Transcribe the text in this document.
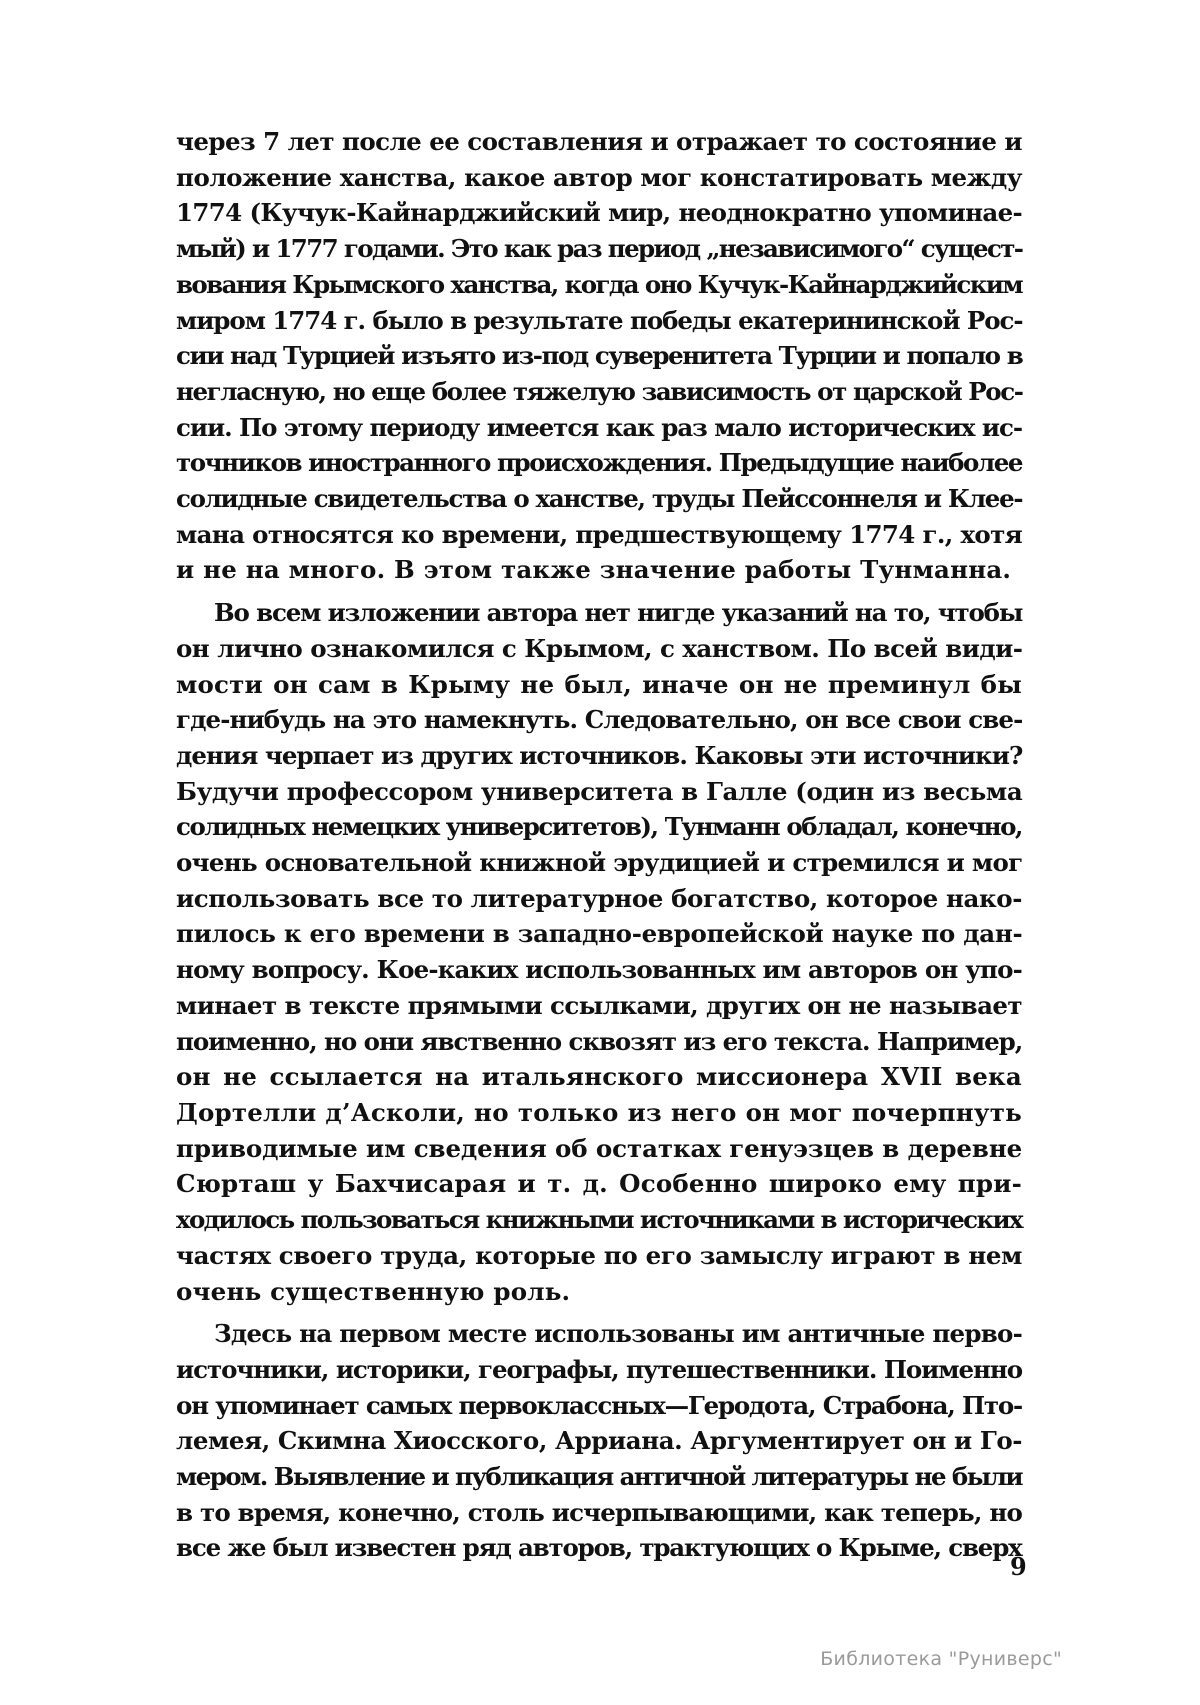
через 7 лет после ее составления и отражает то состояние и
положение ханства, какое автор мог констатировать между
1774 (Кучук-Кайнарджийский мир, неоднократно упоминае-
мый) и 1777 годами. Это как раз период „независимого“ сущест-
вования Крымского ханства, когда оно Кучук-Кайнарджийским
миром 1774 г. было в результате победы екатерининской Рос-
сии над Турцией изъято из-под суверенитета Турции и попало в
негласную, но еще более тяжелую зависимость от царской Рос-
сии. По этому периоду имеется как раз мало исторических ис-
точников иностранного происхождения. Предыдущие наиболее
солидные свидетельства о ханстве, труды Пейссоннеля и Клее-
мана относятся ко времени, предшествующему 1774 г., хотя
и не на много. В этом также значение работы Тунманна.
Во всем изложении автора нет нигде указаний на то, чтобы
он лично ознакомился с Крымом, с ханством. По всей види-
мости он сам в Крыму не был, иначе он не преминул бы
где-нибудь на это намекнуть. Следовательно, он все свои све-
дения черпает из других источников. Каковы эти источники?
Будучи профессором университета в Галле (один из весьма
солидных немецких университетов), Тунманн обладал, конечно,
очень основательной книжной эрудицией и стремился и мог
использовать все то литературное богатство, которое нако-
пилось к его времени в западно-европейской науке по дан-
ному вопросу. Кое-каких использованных им авторов он упо-
минает в тексте прямыми ссылками, других он не называет
поименно, но они явственно сквозят из его текста. Например,
он не ссылается на итальянского миссионера XVII века
Дортелли д’Асколи, но только из него он мог почерпнуть
приводимые им сведения об остатках генуэзцев в деревне
Сюрташ у Бахчисарая и т. д. Особенно широко ему при-
ходилось пользоваться книжными источниками в исторических
частях своего труда, которые по его замыслу играют в нем
очень существенную роль.
Здесь на первом месте использованы им античные перво-
источники, историки, географы, путешественники. Поименно
он упоминает самых первоклассных—Геродота, Страбона, Пто-
лемея, Скимна Хиосского, Арриана. Аргументирует он и Го-
мером. Выявление и публикация античной литературы не были
в то время, конечно, столь исчерпывающими, как теперь, но
все же был известен ряд авторов, трактующих о Крыме, сверх
9
Библиотека "Руниверс"
